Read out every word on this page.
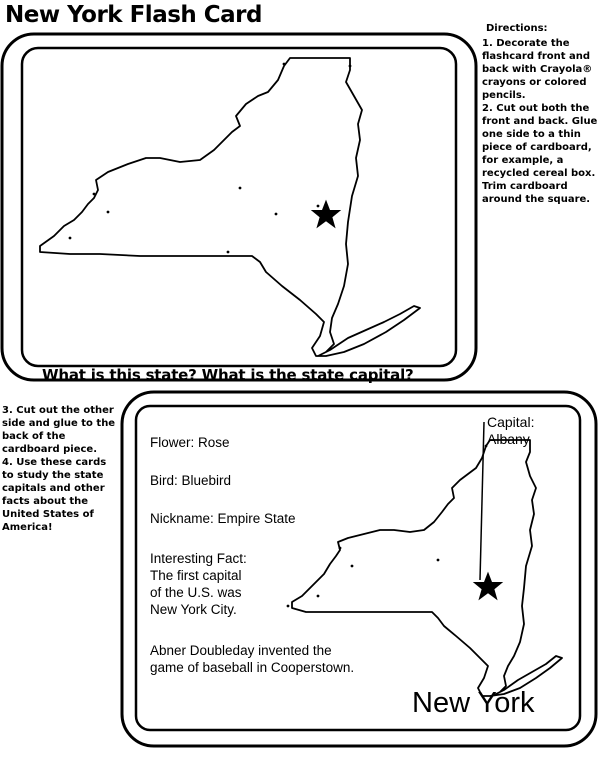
New York Flash Card
Directions:

1. Decorate the flashcard front and back with Crayola® crayons or colored pencils.

2. Cut out both the front and back. Glue one side to a thin piece of cardboard, for example, a recycled cereal box. Trim cardboard around the square.

What is this state? What is the state capital?

3. Cut out the other side and glue to the back of the cardboard piece.

4. Use these cards to study the state capitals and other facts about the United States of America!

Flower: Rose
Bird: Bluebird
Nickname: Empire State
Interesting Fact:
The first capital
of the U.S. was
New York City.
Abner Doubleday invented the
game of baseball in Cooperstown.
Capital:
Albany
New York
